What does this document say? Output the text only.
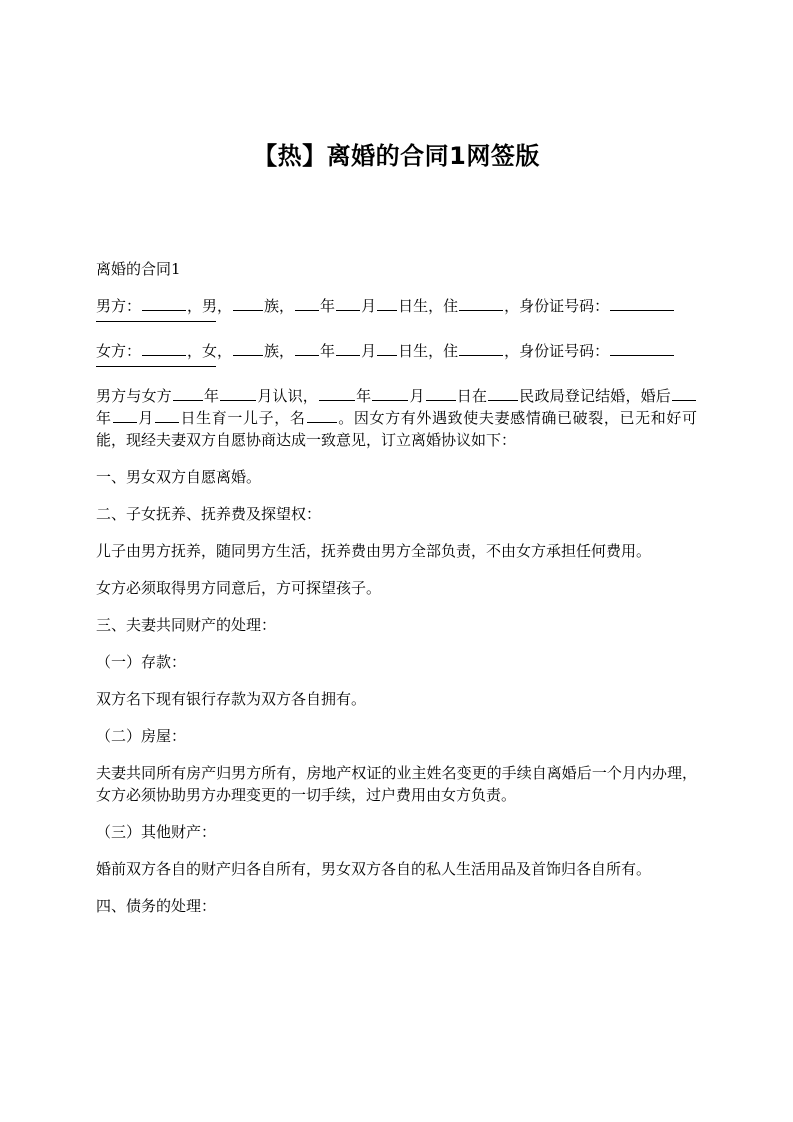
【热】离婚的合同1网签版

离婚的合同1

男方：	，男， 族， 年 月 日生，住	，身份证号码：

女方：	，女， 族， 年 月 日生，住	，身份证号码：

男方与女方 年	月认识，	年	月 日在 民政局登记结婚，婚后年 月 日生育一儿子，名 。因女方有外遇致使夫妻感情确已破裂，已无和好可能，现经夫妻双方自愿协商达成一致意见，订立离婚协议如下：

一、男女双方自愿离婚。

二、子女抚养、抚养费及探望权：

儿子由男方抚养，随同男方生活，抚养费由男方全部负责，不由女方承担任何费用。

女方必须取得男方同意后，方可探望孩子。

三、夫妻共同财产的处理：

（一）存款：

双方名下现有银行存款为双方各自拥有。

（二）房屋：

夫妻共同所有房产归男方所有，房地产权证的业主姓名变更的手续自离婚后一个月内办理，女方必须协助男方办理变更的一切手续，过户费用由女方负责。

（三）其他财产：

婚前双方各自的财产归各自所有，男女双方各自的私人生活用品及首饰归各自所有。

四、债务的处理：
